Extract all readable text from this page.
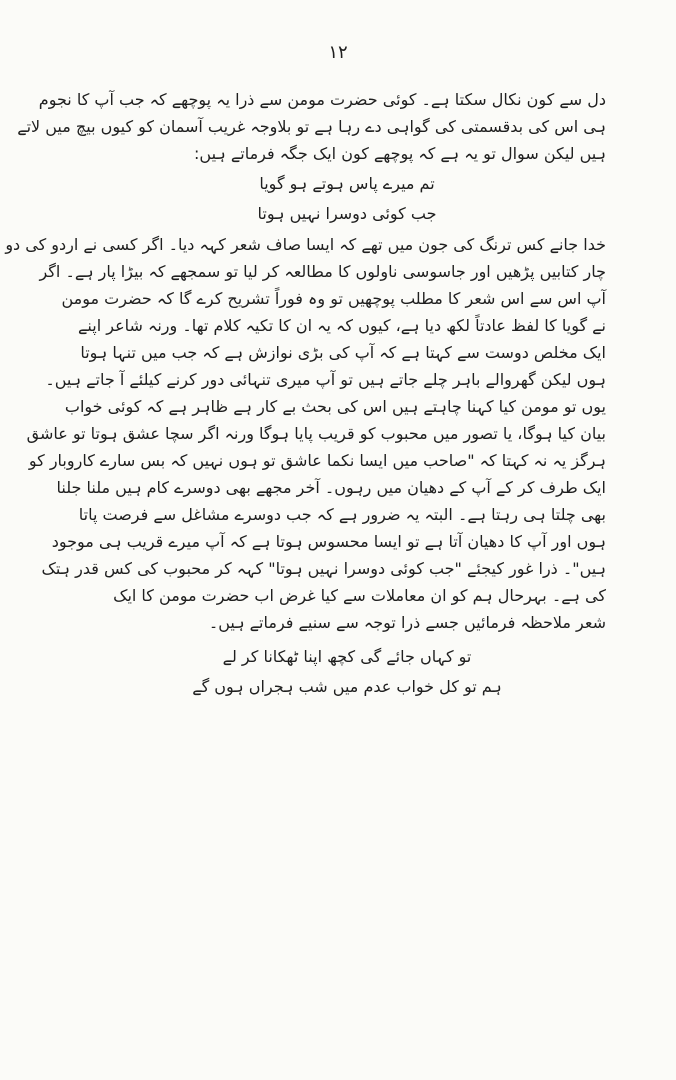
١٢
دل سے کون نکال سکتا ہے۔ کوئی حضرت مومن سے ذرا یہ پوچھے کہ جب آپ کا نجوم
ہی اس کی بدقسمتی کی گواہی دے رہا ہے تو بلاوجہ غریب آسمان کو کیوں بیچ میں لاتے
ہیں لیکن سوال تو یہ ہے کہ پوچھے کون ایک جگہ فرماتے ہیں:
تم میرے پاس ہوتے ہو گویا
جب کوئی دوسرا نہیں ہوتا
خدا جانے کس ترنگ کی جون میں تھے کہ ایسا صاف شعر کہہ دیا۔ اگر کسی نے اردو کی دو
چار کتابیں پڑھیں اور جاسوسی ناولوں کا مطالعہ کر لیا تو سمجھے کہ بیڑا پار ہے۔ اگر
آپ اس سے اس شعر کا مطلب پوچھیں تو وہ فوراً تشریح کرے گا کہ حضرت مومن
نے گویا کا لفظ عادتاً لکھ دیا ہے، کیوں کہ یہ ان کا تکیہ کلام تھا۔ ورنہ شاعر اپنے
ایک مخلص دوست سے کہتا ہے کہ آپ کی بڑی نوازش ہے کہ جب میں تنہا ہوتا
ہوں لیکن گھروالے باہر چلے جاتے ہیں تو آپ میری تنہائی دور کرنے کیلئے آ جاتے ہیں۔
یوں تو مومن کیا کہنا چاہتے ہیں اس کی بحث بے کار ہے ظاہر ہے کہ کوئی خواب
بیان کیا ہوگا، یا تصور میں محبوب کو قریب پایا ہوگا ورنہ اگر سچا عشق ہوتا تو عاشق
ہرگز یہ نہ کہتا کہ "صاحب میں ایسا نکما عاشق تو ہوں نہیں کہ بس سارے کاروبار کو
ایک طرف کر کے آپ کے دھیان میں رہوں۔ آخر مجھے بھی دوسرے کام ہیں ملنا جلنا
بھی چلتا ہی رہتا ہے۔ البتہ یہ ضرور ہے کہ جب دوسرے مشاغل سے فرصت پاتا
ہوں اور آپ کا دھیان آتا ہے تو ایسا محسوس ہوتا ہے کہ آپ میرے قریب ہی موجود
ہیں"۔ ذرا غور کیجئے "جب کوئی دوسرا نہیں ہوتا" کہہ کر محبوب کی کس قدر ہتک
کی ہے۔ بہرحال ہم کو ان معاملات سے کیا غرض اب حضرت مومن کا ایک
شعر ملاحظہ فرمائیں جسے ذرا توجہ سے سنیے فرماتے ہیں۔
تو کہاں جائے گی کچھ اپنا ٹھکانا کر لے
ہم تو کل خواب عدم میں شب ہجراں ہوں گے
